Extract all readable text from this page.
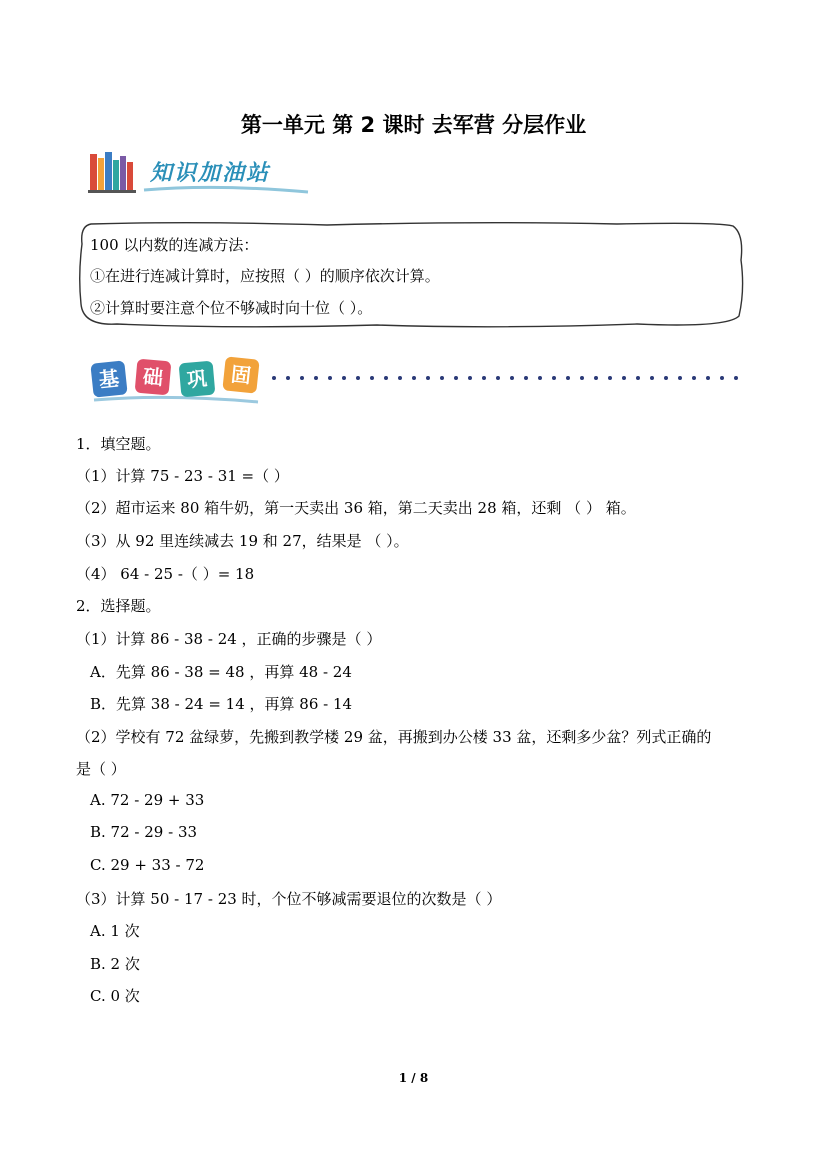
第一单元 第 2 课时 去军营 分层作业
知识加油站
100 以内数的连减方法：
①在进行连减计算时，应按照（ ）的顺序依次计算。
②计算时要注意个位不够减时向十位（ ）。
基	础	巩	固
1．填空题。
（1）计算 75 - 23 - 31 =（ ）
（2）超市运来 80 箱牛奶，第一天卖出 36 箱，第二天卖出 28 箱，还剩 （ ） 箱。
（3）从 92 里连续减去 19 和 27，结果是 （ ）。
（4） 64 - 25 -（ ）= 18
2．选择题。
（1）计算 86 - 38 - 24 ，正确的步骤是（ ）
A．先算 86 - 38 = 48 ，再算 48 - 24
B．先算 38 - 24 = 14 ，再算 86 - 14
（2）学校有 72 盆绿萝，先搬到教学楼 29 盆，再搬到办公楼 33 盆，还剩多少盆？列式正确的
是（ ）
A. 72 - 29 + 33
B. 72 - 29 - 33
C. 29 + 33 - 72
（3）计算 50 - 17 - 23 时，个位不够减需要退位的次数是（ ）
A. 1 次
B. 2 次
C. 0 次
1 / 8
